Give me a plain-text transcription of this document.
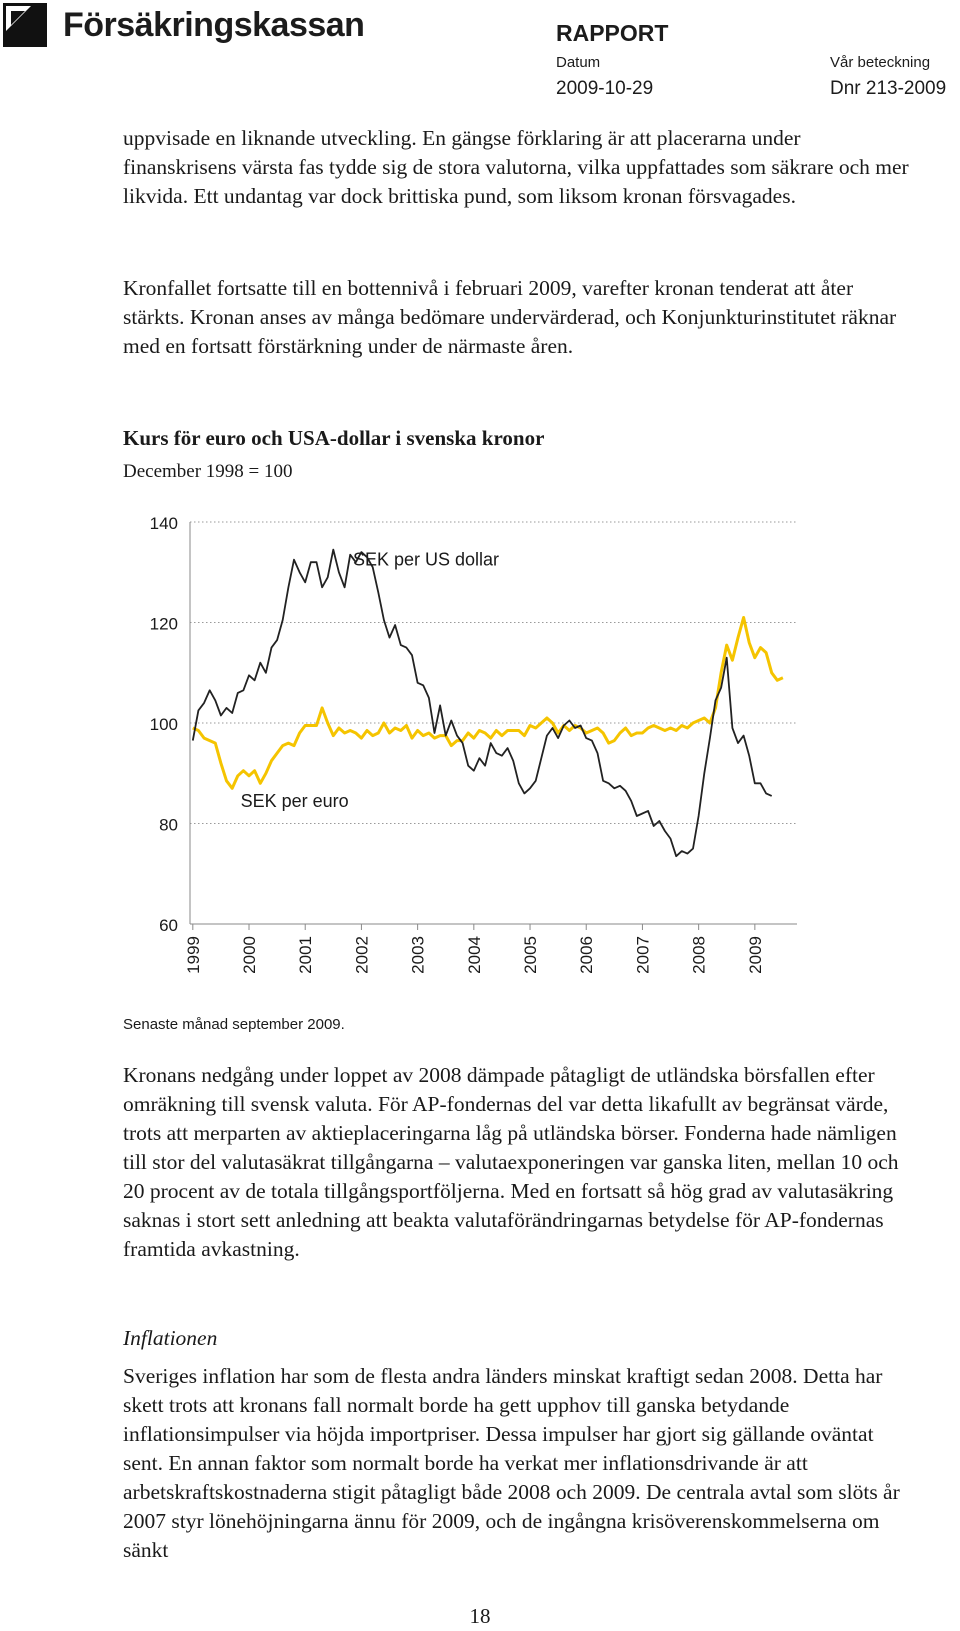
Försäkringskassan	RAPPORT
Datum	Vår beteckning
2009-10-29	Dnr 213-2009

uppvisade en liknande utveckling. En gängse förklaring är att placerarna under finanskrisens värsta fas tydde sig de stora valutorna, vilka uppfattades som säkrare och mer likvida. Ett undantag var dock brittiska pund, som liksom kronan försvagades.

Kronfallet fortsatte till en bottennivå i februari 2009, varefter kronan tenderat att åter stärkts. Kronan anses av många bedömare undervärderad, och Konjunkturinstitutet räknar med en fortsatt förstärkning under de närmaste åren.

Kurs för euro och USA-dollar i svenska kronor
December 1998 = 100
60
80
100
120
140
1999 2000 2001 2002 2003 2004 2005 2006 2007 2008 2009
SEK per US dollar
SEK per euro
Senaste månad september 2009.

Kronans nedgång under loppet av 2008 dämpade påtagligt de utländska börsfallen efter omräkning till svensk valuta. För AP-fondernas del var detta likafullt av begränsat värde, trots att merparten av aktieplaceringarna låg på utländska börser. Fonderna hade nämligen till stor del valutasäkrat tillgångarna – valutaexponeringen var ganska liten, mellan 10 och 20 procent av de totala tillgångsportföljerna. Med en fortsatt så hög grad av valutasäkring saknas i stort sett anledning att beakta valutaförändringarnas betydelse för AP-fondernas framtida avkastning.

Inflationen

Sveriges inflation har som de flesta andra länders minskat kraftigt sedan 2008. Detta har skett trots att kronans fall normalt borde ha gett upphov till ganska betydande inflationsimpulser via höjda importpriser. Dessa impulser har gjort sig gällande oväntat sent. En annan faktor som normalt borde ha verkat mer inflationsdrivande är att arbetskraftskostnaderna stigit påtagligt både 2008 och 2009. De centrala avtal som slöts år 2007 styr lönehöjningarna ännu för 2009, och de ingångna krisöverenskommelserna om sänkt

18
